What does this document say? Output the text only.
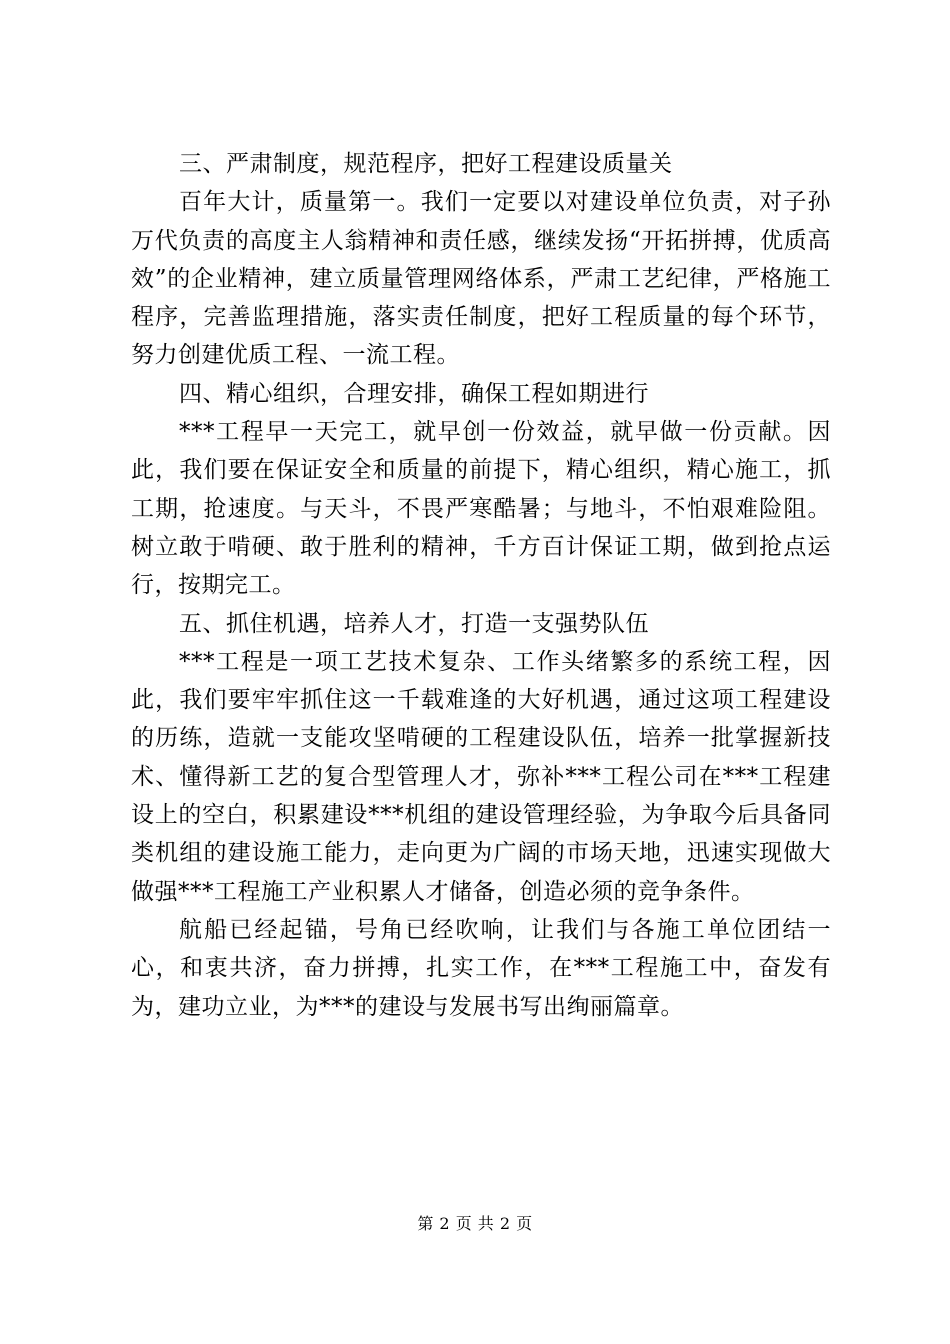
三、严肃制度，规范程序，把好工程建设质量关

百年大计，质量第一。我们一定要以对建设单位负责，对子孙万代负责的高度主人翁精神和责任感，继续发扬“开拓拼搏，优质高效”的企业精神，建立质量管理网络体系，严肃工艺纪律，严格施工程序，完善监理措施，落实责任制度，把好工程质量的每个环节，努力创建优质工程、一流工程。

四、精心组织，合理安排，确保工程如期进行

***工程早一天完工，就早创一份效益，就早做一份贡献。因此，我们要在保证安全和质量的前提下，精心组织，精心施工，抓工期，抢速度。与天斗，不畏严寒酷暑；与地斗，不怕艰难险阻。树立敢于啃硬、敢于胜利的精神，千方百计保证工期，做到抢点运行，按期完工。

五、抓住机遇，培养人才，打造一支强势队伍

***工程是一项工艺技术复杂、工作头绪繁多的系统工程，因此，我们要牢牢抓住这一千载难逢的大好机遇，通过这项工程建设的历练，造就一支能攻坚啃硬的工程建设队伍，培养一批掌握新技术、懂得新工艺的复合型管理人才，弥补***工程公司在***工程建设上的空白，积累建设***机组的建设管理经验，为争取今后具备同类机组的建设施工能力，走向更为广阔的市场天地，迅速实现做大做强***工程施工产业积累人才储备，创造必须的竞争条件。

航船已经起锚，号角已经吹响，让我们与各施工单位团结一心，和衷共济，奋力拼搏，扎实工作，在***工程施工中，奋发有为，建功立业，为***的建设与发展书写出绚丽篇章。

第 2 页 共 2 页
